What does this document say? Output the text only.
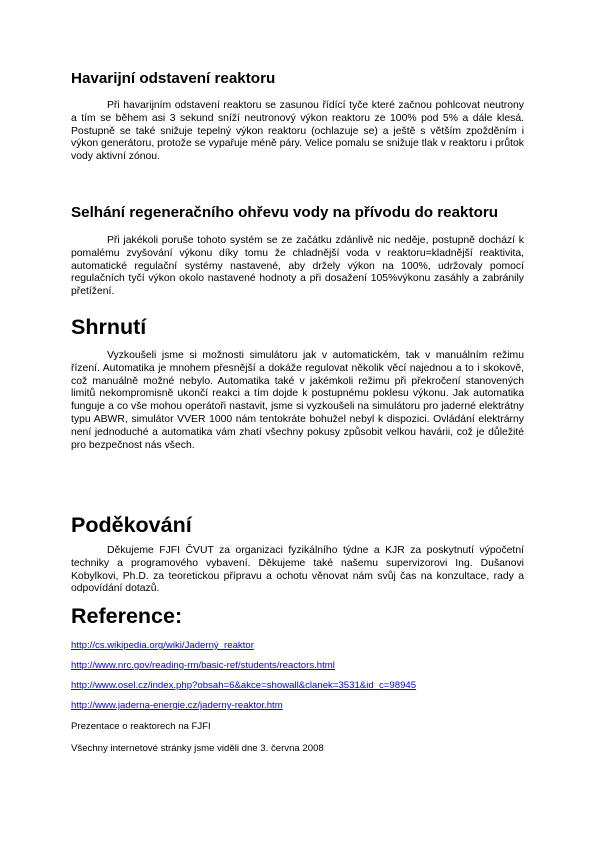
Havarijní odstavení reaktoru

Při havarijním odstavení reaktoru se zasunou řídící tyče které začnou pohlcovat neutrony a tím se během asi 3 sekund sníží neutronový výkon reaktoru ze 100% pod 5% a dále klesá. Postupně se také snižuje tepelný výkon reaktoru (ochlazuje se) a ještě s větším zpožděním i výkon generátoru, protože se vypařuje méně páry. Velice pomalu se snižuje tlak v reaktoru i průtok vody aktivní zónou.

Selhání regeneračního ohřevu vody na přívodu do reaktoru

Při jakékoli poruše tohoto systém se ze začátku zdánlivě nic neděje, postupně dochází k pomalému zvyšování výkonu díky tomu že chladnější voda v reaktoru=kladnější reaktivita, automatické regulační systémy nastavené, aby držely výkon na 100%, udržovaly pomocí regulačních tyčí výkon okolo nastavené hodnoty a při dosažení 105%výkonu zasáhly a zabránily přetížení.

Shrnutí

Vyzkoušeli jsme si možnosti simulátoru jak v automatickém, tak v manuálním režimu řízení. Automatika je mnohem přesnější a dokáže regulovat několik věcí najednou a to i skokově, což manuálně možné nebylo. Automatika také v jakémkoli režimu při překročení stanovených limitů nekompromisně ukončí reakci a tím dojde k postupnému poklesu výkonu. Jak automatika funguje a co vše mohou operátoři nastavit, jsme si vyzkoušeli na simulátoru pro jaderné elektrátny typu ABWR, simulátor VVER 1000 nám tentokráte bohužel nebyl k dispozici. Ovládání elektrárny není jednoduché a automatika vám zhatí všechny pokusy způsobit velkou havárii, což je důležité pro bezpečnost nás všech.

Poděkování

Děkujeme FJFI ČVUT za organizaci fyzikálního týdne a KJR za poskytnutí výpočetní techniky a programového vybavení. Děkujeme také našemu supervizorovi Ing. Dušanovi Kobylkovi, Ph.D. za teoretickou přípravu a ochotu věnovat nám svůj čas na konzultace, rady a odpovídání dotazů.

Reference:
http://cs.wikipedia.org/wiki/Jaderný_reaktor
http://www.nrc.gov/reading-rm/basic-ref/students/reactors.html
http://www.osel.cz/index.php?obsah=6&akce=showall&clanek=3531&id_c=98945
http://www.jaderna-energie.cz/jaderny-reaktor.htm

Prezentace o reaktorech na FJFI

Všechny internetové stránky jsme viděli dne 3. června 2008
